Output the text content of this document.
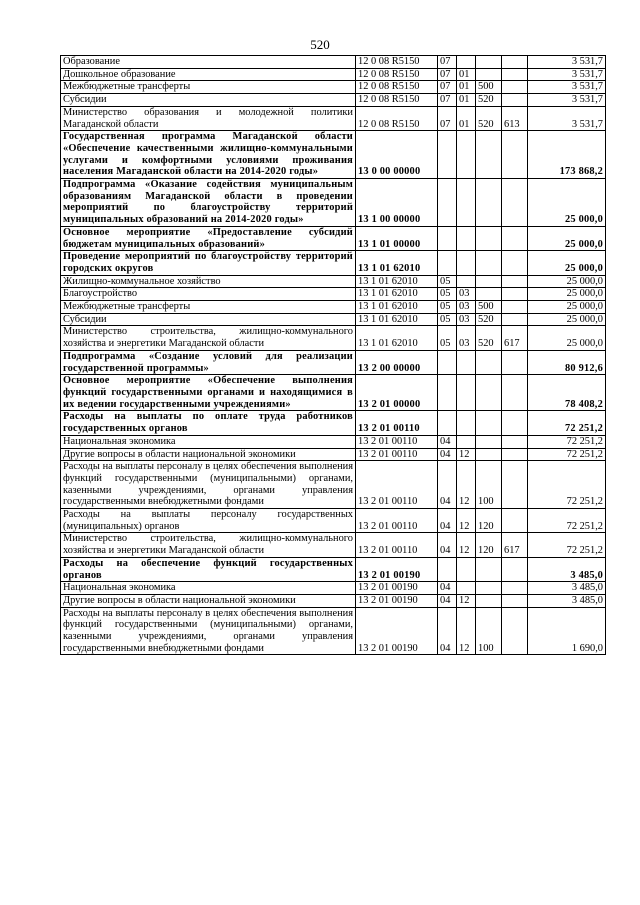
520
Образование	12 0 08 R5150	07				3 531,7
Дошкольное образование	12 0 08 R5150	07	01			3 531,7
Межбюджетные трансферты	12 0 08 R5150	07	01	500		3 531,7
Субсидии	12 0 08 R5150	07	01	520		3 531,7
Министерство образования и молодежной политики Магаданской области	12 0 08 R5150	07	01	520	613	3 531,7
Государственная программа Магаданской области «Обеспечение качественными жилищно-коммунальными услугами и комфортными условиями проживания населения Магаданской области на 2014-2020 годы»	13 0 00 00000					173 868,2
Подпрограмма «Оказание содействия муниципальным образованиям Магаданской области в проведении мероприятий по благоустройству территорий муниципальных образований на 2014-2020 годы»	13 1 00 00000					25 000,0
Основное мероприятие «Предоставление субсидий бюджетам муниципальных образований»	13 1 01 00000					25 000,0
Проведение мероприятий по благоустройству территорий городских округов	13 1 01 62010					25 000,0
Жилищно-коммунальное хозяйство	13 1 01 62010	05				25 000,0
Благоустройство	13 1 01 62010	05	03			25 000,0
Межбюджетные трансферты	13 1 01 62010	05	03	500		25 000,0
Субсидии	13 1 01 62010	05	03	520		25 000,0
Министерство строительства, жилищно-коммунального хозяйства и энергетики Магаданской области	13 1 01 62010	05	03	520	617	25 000,0
Подпрограмма «Создание условий для реализации государственной программы»	13 2 00 00000					80 912,6
Основное мероприятие «Обеспечение выполнения функций государственными органами и находящимися в их ведении государственными учреждениями»	13 2 01 00000					78 408,2
Расходы на выплаты по оплате труда работников государственных органов	13 2 01 00110					72 251,2
Национальная экономика	13 2 01 00110	04				72 251,2
Другие вопросы в области национальной экономики	13 2 01 00110	04	12			72 251,2
Расходы на выплаты персоналу в целях обеспечения выполнения функций государственными (муниципальными) органами, казенными учреждениями, органами управления государственными внебюджетными фондами	13 2 01 00110	04	12	100		72 251,2
Расходы на выплаты персоналу государственных (муниципальных) органов	13 2 01 00110	04	12	120		72 251,2
Министерство строительства, жилищно-коммунального хозяйства и энергетики Магаданской области	13 2 01 00110	04	12	120	617	72 251,2
Расходы на обеспечение функций государственных органов	13 2 01 00190					3 485,0
Национальная экономика	13 2 01 00190	04				3 485,0
Другие вопросы в области национальной экономики	13 2 01 00190	04	12			3 485,0
Расходы на выплаты персоналу в целях обеспечения выполнения функций государственными (муниципальными) органами, казенными учреждениями, органами управления государственными внебюджетными фондами	13 2 01 00190	04	12	100		1 690,0
